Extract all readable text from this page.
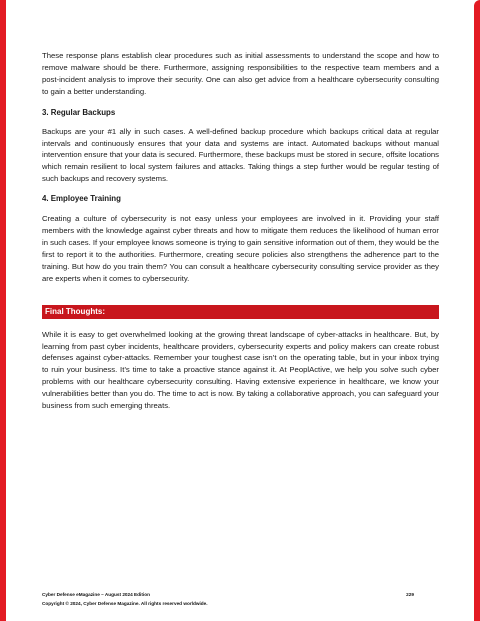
These response plans establish clear procedures such as initial assessments to understand the scope and how to remove malware should be there. Furthermore, assigning responsibilities to the respective team members and a post-incident analysis to improve their security. One can also get advice from a healthcare cybersecurity consulting to gain a better understanding.

3. Regular Backups

Backups are your #1 ally in such cases. A well-defined backup procedure which backups critical data at regular intervals and continuously ensures that your data and systems are intact. Automated backups without manual intervention ensure that your data is secured. Furthermore, these backups must be stored in secure, offsite locations which remain resilient to local system failures and attacks. Taking things a step further would be regular testing of such backups and recovery systems.

4. Employee Training

Creating a culture of cybersecurity is not easy unless your employees are involved in it. Providing your staff members with the knowledge against cyber threats and how to mitigate them reduces the likelihood of human error in such cases. If your employee knows someone is trying to gain sensitive information out of them, they would be the first to report it to the authorities. Furthermore, creating secure policies also strengthens the adherence part to the training. But how do you train them? You can consult a healthcare cybersecurity consulting service provider as they are experts when it comes to cybersecurity.

Final Thoughts:

While it is easy to get overwhelmed looking at the growing threat landscape of cyber-attacks in healthcare. But, by learning from past cyber incidents, healthcare providers, cybersecurity experts and policy makers can create robust defenses against cyber-attacks. Remember your toughest case isn’t on the operating table, but in your inbox trying to ruin your business. It’s time to take a proactive stance against it. At PeoplActive, we help you solve such cyber problems with our healthcare cybersecurity consulting. Having extensive experience in healthcare, we know your vulnerabilities better than you do. The time to act is now. By taking a collaborative approach, you can safeguard your business from such emerging threats.

Cyber Defense eMagazine – August 2024 Edition	229
Copyright © 2024, Cyber Defense Magazine. All rights reserved worldwide.
